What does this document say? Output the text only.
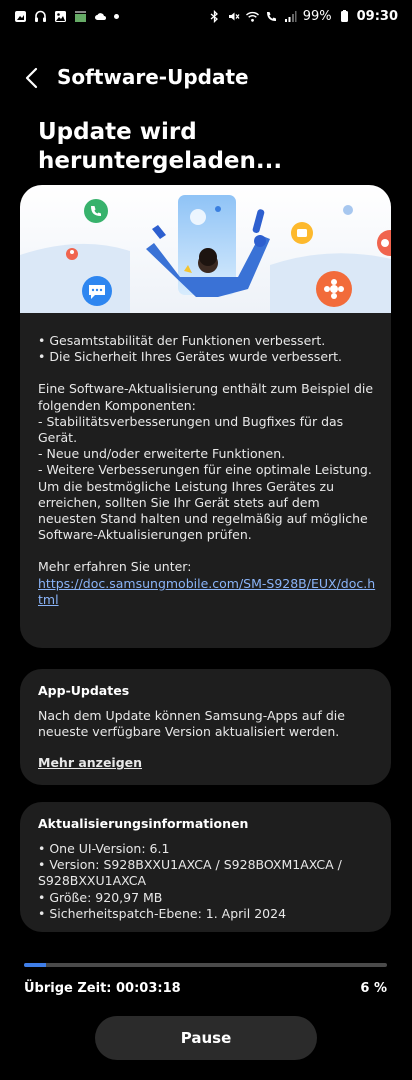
99% 09:30
Software-Update
Update wird heruntergeladen...
• Gesamtstabilität der Funktionen verbessert.
• Die Sicherheit Ihres Gerätes wurde verbessert.
Eine Software-Aktualisierung enthält zum Beispiel die folgenden Komponenten:
- Stabilitätsverbesserungen und Bugfixes für das Gerät.
- Neue und/oder erweiterte Funktionen.
- Weitere Verbesserungen für eine optimale Leistung.
Um die bestmögliche Leistung Ihres Gerätes zu erreichen, sollten Sie Ihr Gerät stets auf dem neuesten Stand halten und regelmäßig auf mögliche Software-Aktualisierungen prüfen.
Mehr erfahren Sie unter:
https://doc.samsungmobile.com/SM-S928B/EUX/doc.html
App-Updates
Nach dem Update können Samsung-Apps auf die neueste verfügbare Version aktualisiert werden.
Mehr anzeigen
Aktualisierungsinformationen
• One UI-Version: 6.1
• Version: S928BXXU1AXCA / S928BOXM1AXCA / S928BXXU1AXCA
• Größe: 920,97 MB
• Sicherheitspatch-Ebene: 1. April 2024
Übrige Zeit: 00:03:18	6 %
Pause
